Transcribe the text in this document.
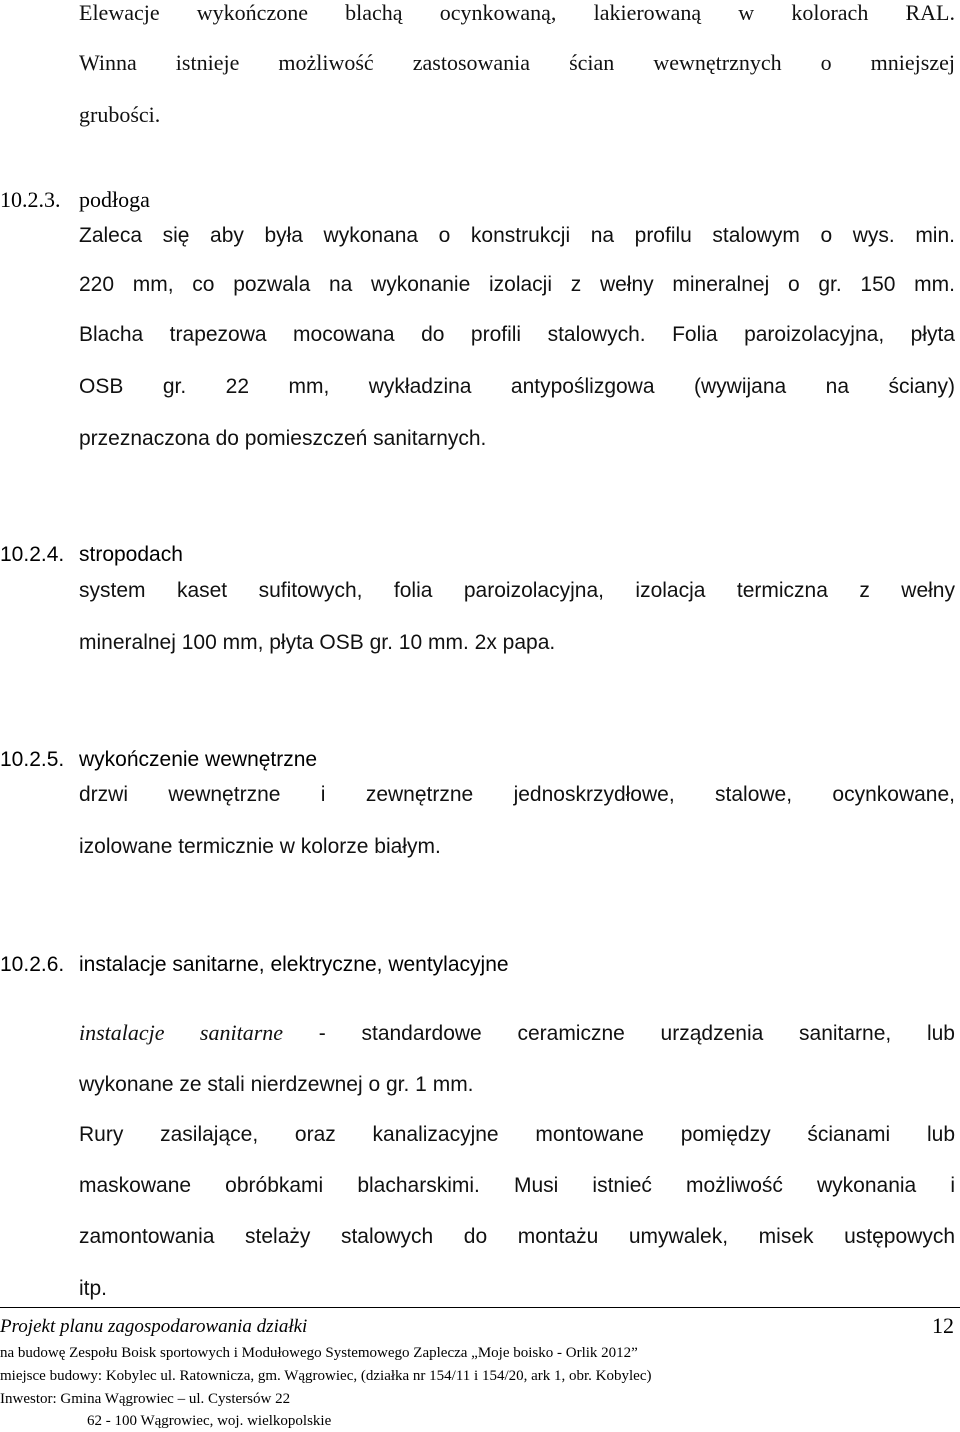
Elewacje wykończone blachą ocynkowaną, lakierowaną w kolorach RAL.
Winna istnieje możliwość zastosowania ścian wewnętrznych o mniejszej
grubości.
10.2.3. podłoga
Zaleca się aby była wykonana o konstrukcji na profilu stalowym o wys. min.
220 mm, co pozwala na wykonanie izolacji z wełny mineralnej o gr. 150 mm.
Blacha trapezowa mocowana do profili stalowych. Folia paroizolacyjna, płyta
OSB gr. 22 mm, wykładzina antypoślizgowa (wywijana na ściany)
przeznaczona do pomieszczeń sanitarnych.
10.2.4. stropodach
system kaset sufitowych, folia paroizolacyjna, izolacja termiczna z wełny
mineralnej 100 mm, płyta OSB gr. 10 mm. 2x papa.
10.2.5. wykończenie wewnętrzne
drzwi wewnętrzne i zewnętrzne jednoskrzydłowe, stalowe, ocynkowane,
izolowane termicznie w kolorze białym.
10.2.6. instalacje sanitarne, elektryczne, wentylacyjne
instalacje sanitarne - standardowe ceramiczne urządzenia sanitarne, lub
wykonane ze stali nierdzewnej o gr. 1 mm.
Rury zasilające, oraz kanalizacyjne montowane pomiędzy ścianami lub
maskowane obróbkami blacharskimi. Musi istnieć możliwość wykonania i
zamontowania stelaży stalowych do montażu umywalek, misek ustępowych
itp.
Projekt planu zagospodarowania działki	12
na budowę Zespołu Boisk sportowych i Modułowego Systemowego Zaplecza „Moje boisko - Orlik 2012”
miejsce budowy: Kobylec ul. Ratownicza, gm. Wągrowiec, (działka nr 154/11 i 154/20, ark 1, obr. Kobylec)
Inwestor: Gmina Wągrowiec – ul. Cystersów 22
62 - 100 Wągrowiec, woj. wielkopolskie
